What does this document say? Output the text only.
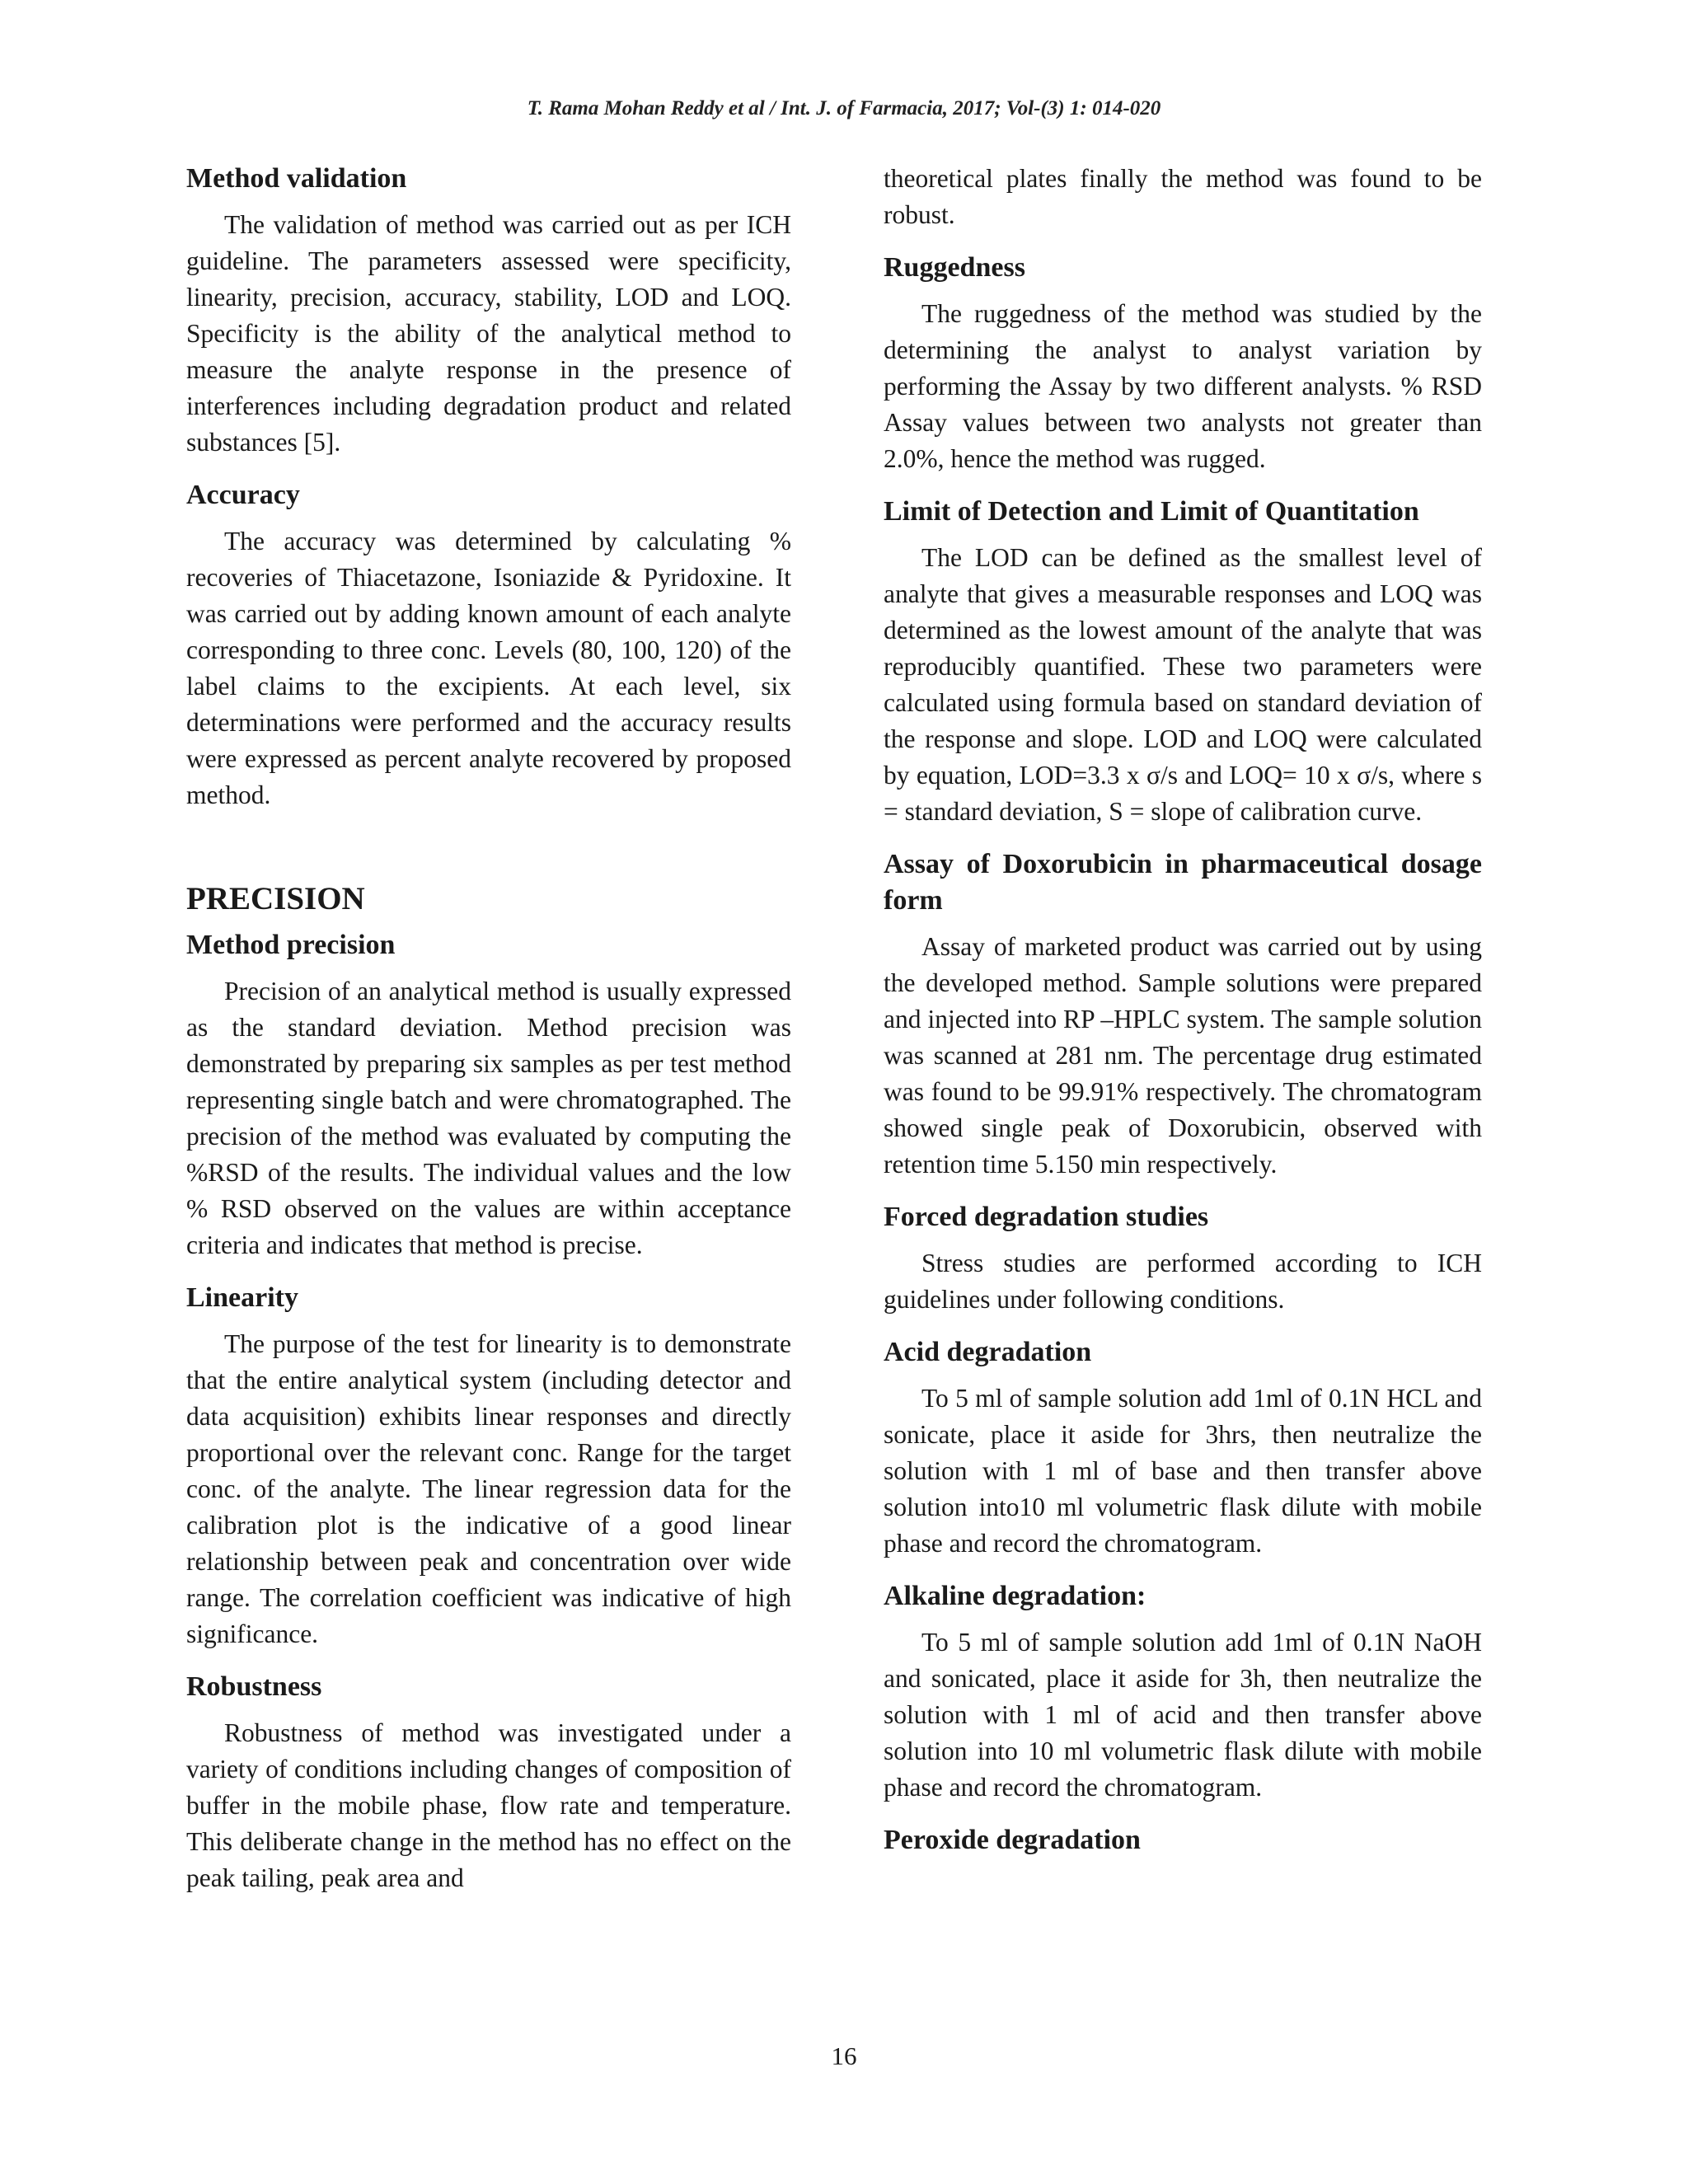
T. Rama Mohan Reddy et al / Int. J. of Farmacia, 2017; Vol-(3) 1: 014-020
Method validation

The validation of method was carried out as per ICH guideline. The parameters assessed were specificity, linearity, precision, accuracy, stability, LOD and LOQ. Specificity is the ability of the analytical method to measure the analyte response in the presence of interferences including degradation product and related substances [5].

Accuracy

The accuracy was determined by calculating % recoveries of Thiacetazone, Isoniazide & Pyridoxine. It was carried out by adding known amount of each analyte corresponding to three conc. Levels (80, 100, 120) of the label claims to the excipients. At each level, six determinations were performed and the accuracy results were expressed as percent analyte recovered by proposed method.

PRECISION
Method precision

Precision of an analytical method is usually expressed as the standard deviation. Method precision was demonstrated by preparing six samples as per test method representing single batch and were chromatographed. The precision of the method was evaluated by computing the %RSD of the results. The individual values and the low % RSD observed on the values are within acceptance criteria and indicates that method is precise.

Linearity

The purpose of the test for linearity is to demonstrate that the entire analytical system (including detector and data acquisition) exhibits linear responses and directly proportional over the relevant conc. Range for the target conc. of the analyte. The linear regression data for the calibration plot is the indicative of a good linear relationship between peak and concentration over wide range. The correlation coefficient was indicative of high significance.

Robustness

Robustness of method was investigated under a variety of conditions including changes of composition of buffer in the mobile phase, flow rate and temperature. This deliberate change in the method has no effect on the peak tailing, peak area and

theoretical plates finally the method was found to be robust.

Ruggedness

The ruggedness of the method was studied by the determining the analyst to analyst variation by performing the Assay by two different analysts. % RSD Assay values between two analysts not greater than 2.0%, hence the method was rugged.

Limit of Detection and Limit of Quantitation

The LOD can be defined as the smallest level of analyte that gives a measurable responses and LOQ was determined as the lowest amount of the analyte that was reproducibly quantified. These two parameters were calculated using formula based on standard deviation of the response and slope. LOD and LOQ were calculated by equation, LOD=3.3 x σ/s and LOQ= 10 x σ/s, where s = standard deviation, S = slope of calibration curve.

Assay of Doxorubicin in pharmaceutical dosage form

Assay of marketed product was carried out by using the developed method. Sample solutions were prepared and injected into RP –HPLC system. The sample solution was scanned at 281 nm. The percentage drug estimated was found to be 99.91% respectively. The chromatogram showed single peak of Doxorubicin, observed with retention time 5.150 min respectively.

Forced degradation studies

Stress studies are performed according to ICH guidelines under following conditions.

Acid degradation

To 5 ml of sample solution add 1ml of 0.1N HCL and sonicate, place it aside for 3hrs, then neutralize the solution with 1 ml of base and then transfer above solution into10 ml volumetric flask dilute with mobile phase and record the chromatogram.

Alkaline degradation:

To 5 ml of sample solution add 1ml of 0.1N NaOH and sonicated, place it aside for 3h, then neutralize the solution with 1 ml of acid and then transfer above solution into 10 ml volumetric flask dilute with mobile phase and record the chromatogram.

Peroxide degradation
16
